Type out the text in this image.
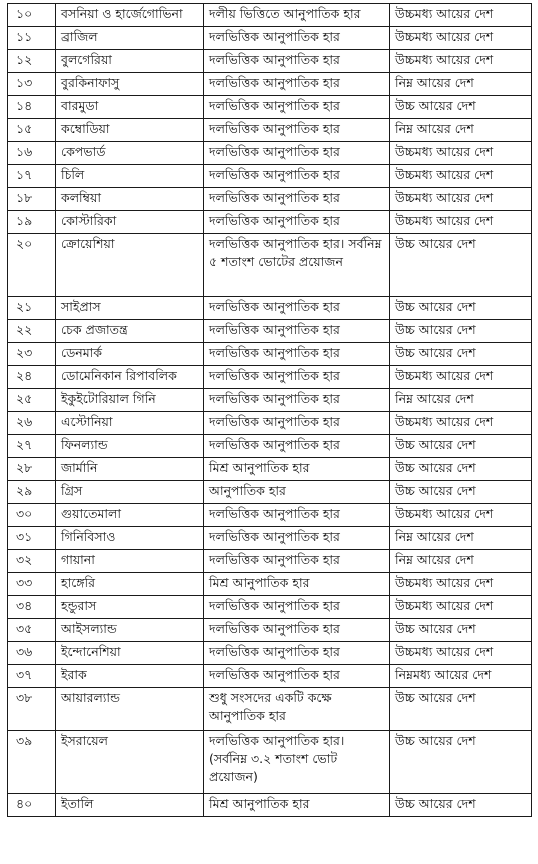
১০	বসনিয়া ও হার্জেগোভিনা	দলীয় ভিত্তিতে আনুপাতিক হার	উচ্চমধ্য আয়ের দেশ
১১	ব্রাজিল	দলভিত্তিক আনুপাতিক হার	উচ্চমধ্য আয়ের দেশ
১২	বুলগেরিয়া	দলভিত্তিক আনুপাতিক হার	উচ্চমধ্য আয়ের দেশ
১৩	বুরকিনাফাসু	দলভিত্তিক আনুপাতিক হার	নিম্ন আয়ের দেশ
১৪	বারমুডা	দলভিত্তিক আনুপাতিক হার	উচ্চ আয়ের দেশ
১৫	কম্বোডিয়া	দলভিত্তিক আনুপাতিক হার	নিম্ন আয়ের দেশ
১৬	কেপভার্ড	দলভিত্তিক আনুপাতিক হার	উচ্চমধ্য আয়ের দেশ
১৭	চিলি	দলভিত্তিক আনুপাতিক হার	উচ্চমধ্য আয়ের দেশ
১৮	কলম্বিয়া	দলভিত্তিক আনুপাতিক হার	উচ্চমধ্য আয়ের দেশ
১৯	কোস্টারিকা	দলভিত্তিক আনুপাতিক হার	উচ্চমধ্য আয়ের দেশ
২০	ক্রোয়েশিয়া	দলভিত্তিক আনুপাতিক হার। সর্বনিম্ন ৫ শতাংশ ভোটের প্রয়োজন	উচ্চ আয়ের দেশ
২১	সাইপ্রাস	দলভিত্তিক আনুপাতিক হার	উচ্চ আয়ের দেশ
২২	চেক প্রজাতন্ত্র	দলভিত্তিক আনুপাতিক হার	উচ্চ আয়ের দেশ
২৩	ডেনমার্ক	দলভিত্তিক আনুপাতিক হার	উচ্চ আয়ের দেশ
২৪	ডোমেনিকান রিপাবলিক	দলভিত্তিক আনুপাতিক হার	উচ্চমধ্য আয়ের দেশ
২৫	ইকুইটোরিয়াল গিনি	দলভিত্তিক আনুপাতিক হার	নিম্ন আয়ের দেশ
২৬	এস্টোনিয়া	দলভিত্তিক আনুপাতিক হার	উচ্চমধ্য আয়ের দেশ
২৭	ফিনল্যান্ড	দলভিত্তিক আনুপাতিক হার	উচ্চ আয়ের দেশ
২৮	জার্মানি	মিশ্র আনুপাতিক হার	উচ্চ আয়ের দেশ
২৯	গ্রিস	আনুপাতিক হার	উচ্চ আয়ের দেশ
৩০	গুয়াতেমালা	দলভিত্তিক আনুপাতিক হার	উচ্চমধ্য আয়ের দেশ
৩১	গিনিবিসাও	দলভিত্তিক আনুপাতিক হার	নিম্ন আয়ের দেশ
৩২	গায়ানা	দলভিত্তিক আনুপাতিক হার	নিম্ন আয়ের দেশ
৩৩	হাঙ্গেরি	মিশ্র আনুপাতিক হার	উচ্চমধ্য আয়ের দেশ
৩৪	হন্ডুরাস	দলভিত্তিক আনুপাতিক হার	উচ্চমধ্য আয়ের দেশ
৩৫	আইসল্যান্ড	দলভিত্তিক আনুপাতিক হার	উচ্চ আয়ের দেশ
৩৬	ইন্দোনেশিয়া	দলভিত্তিক আনুপাতিক হার	উচ্চমধ্য আয়ের দেশ
৩৭	ইরাক	দলভিত্তিক আনুপাতিক হার	নিম্নমধ্য আয়ের দেশ
৩৮	আয়ারল্যান্ড	শুধু সংসদের একটি কক্ষে আনুপাতিক হার	উচ্চ আয়ের দেশ
৩৯	ইসরায়েল	দলভিত্তিক আনুপাতিক হার। (সর্বনিম্ন ৩.২ শতাংশ ভোট প্রয়োজন)	উচ্চ আয়ের দেশ
৪০	ইতালি	মিশ্র আনুপাতিক হার	উচ্চ আয়ের দেশ
